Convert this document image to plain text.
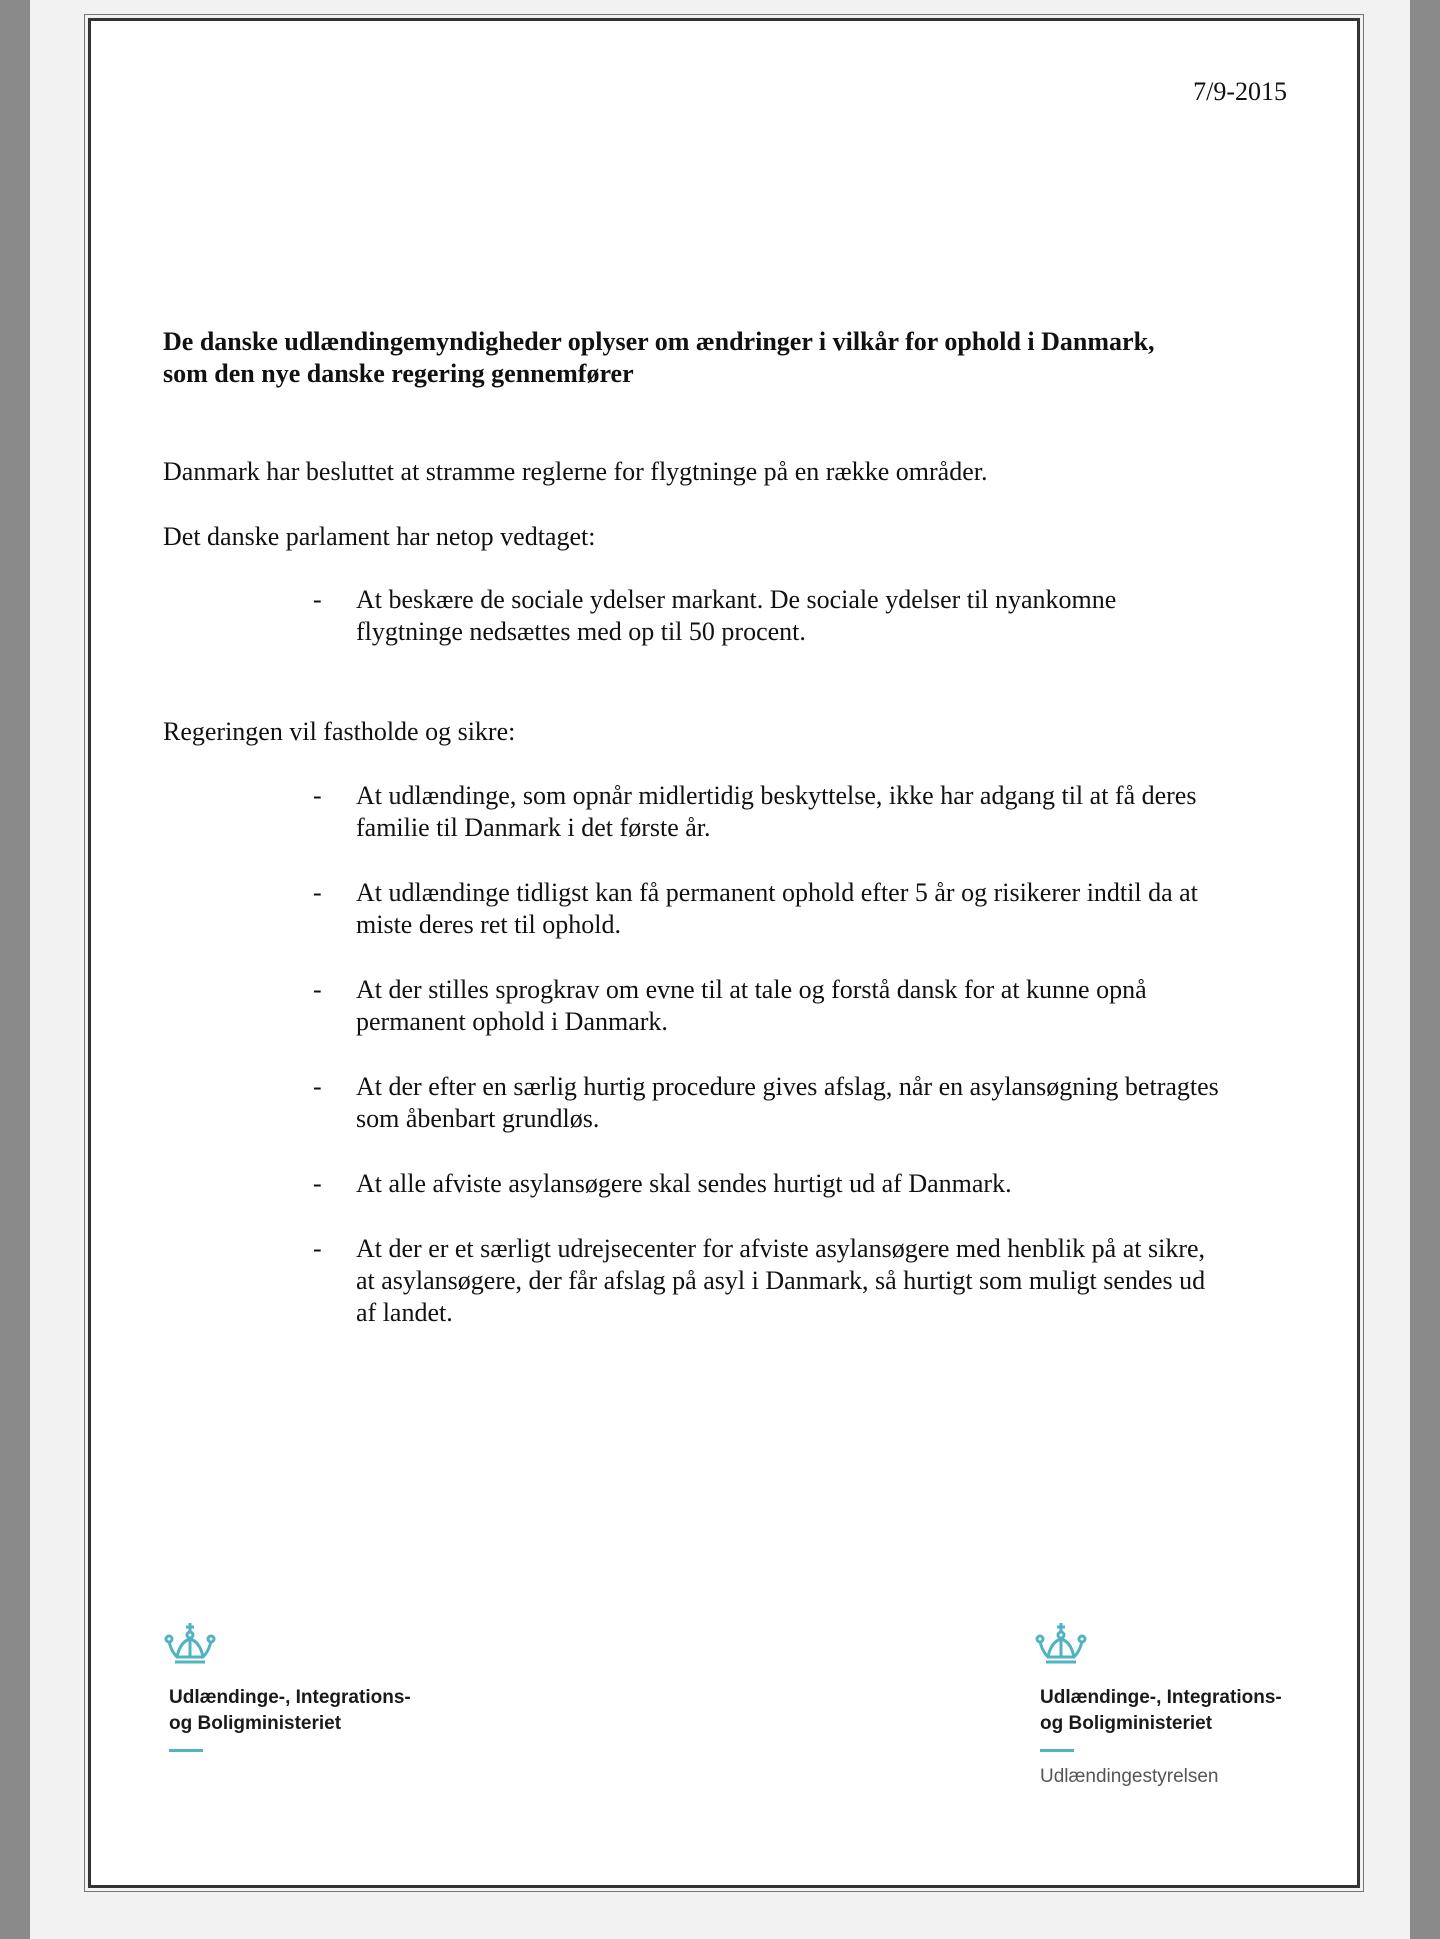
7/9-2015
De danske udlændingemyndigheder oplyser om ændringer i vilkår for ophold i Danmark,
som den nye danske regering gennemfører

Danmark har besluttet at stramme reglerne for flygtninge på en række områder.

Det danske parlament har netop vedtaget:

- At beskære de sociale ydelser markant. De sociale ydelser til nyankomne
flygtninge nedsættes med op til 50 procent.

Regeringen vil fastholde og sikre:

- At udlændinge, som opnår midlertidig beskyttelse, ikke har adgang til at få deres
familie til Danmark i det første år.
- At udlændinge tidligst kan få permanent ophold efter 5 år og risikerer indtil da at
miste deres ret til ophold.
- At der stilles sprogkrav om evne til at tale og forstå dansk for at kunne opnå
permanent ophold i Danmark.
- At der efter en særlig hurtig procedure gives afslag, når en asylansøgning betragtes
som åbenbart grundløs.
- At alle afviste asylansøgere skal sendes hurtigt ud af Danmark.
- At der er et særligt udrejsecenter for afviste asylansøgere med henblik på at sikre,
at asylansøgere, der får afslag på asyl i Danmark, så hurtigt som muligt sendes ud
af landet.
Udlændinge-, Integrations-
og Boligministeriet
Udlændinge-, Integrations-
og Boligministeriet
Udlændingestyrelsen
